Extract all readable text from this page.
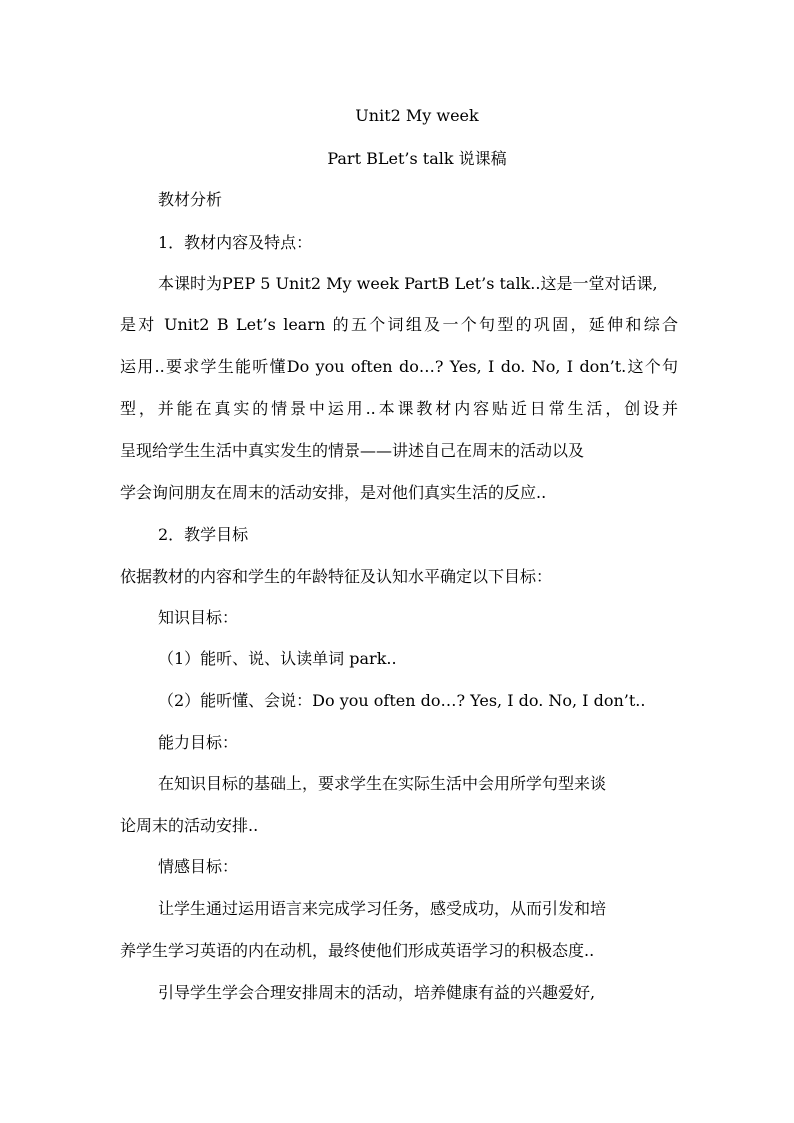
Unit2 My week
Part BLet’s talk 说课稿
教材分析
1．教材内容及特点：
本课时为PEP 5 Unit2 My week PartB Let’s talk..这是一堂对话课,
是对 Unit2 B Let’s learn 的五个词组及一个句型的巩固，延伸和综合
运用..要求学生能听懂Do you often do…? Yes, I do. No, I don’t.这个句
型，并能在真实的情景中运用..本课教材内容贴近日常生活，创设并
呈现给学生生活中真实发生的情景——讲述自己在周末的活动以及
学会询问朋友在周末的活动安排，是对他们真实生活的反应..
2．教学目标
依据教材的内容和学生的年龄特征及认知水平确定以下目标：
知识目标：
（1）能听、说、认读单词 park..
（2）能听懂、会说：Do you often do…? Yes, I do. No, I don’t..
能力目标：
在知识目标的基础上，要求学生在实际生活中会用所学句型来谈
论周末的活动安排..
情感目标：
让学生通过运用语言来完成学习任务，感受成功，从而引发和培
养学生学习英语的内在动机，最终使他们形成英语学习的积极态度..
引导学生学会合理安排周末的活动，培养健康有益的兴趣爱好,
